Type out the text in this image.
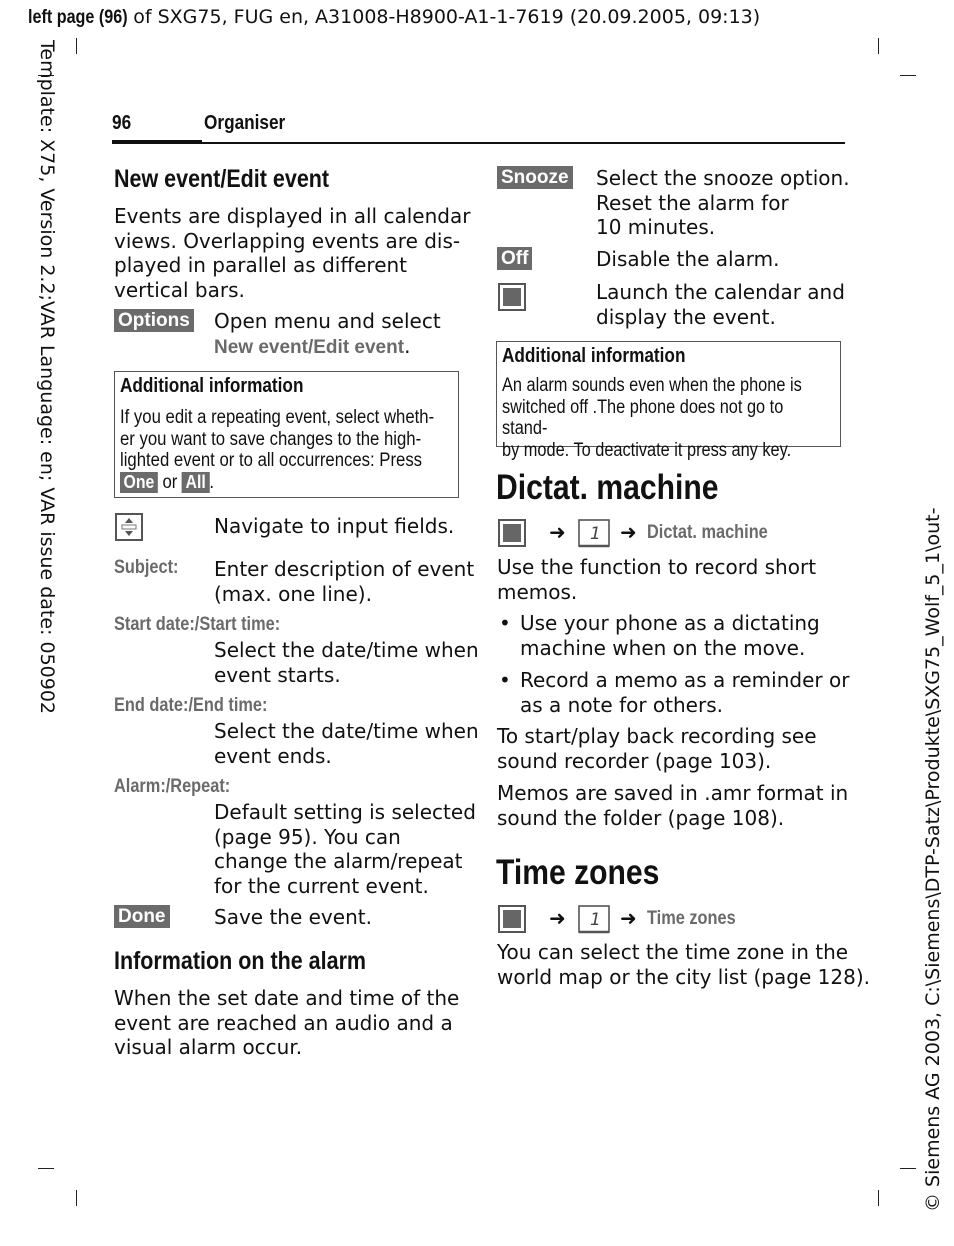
left page (96) of SXG75, FUG en, A31008-H8900-A1-1-7619 (20.09.2005, 09:13)
Template: X75, Version 2.2;VAR Language: en; VAR issue date: 050902
© Siemens AG 2003, C:\Siemens\DTP-Satz\Produkte\SXG75_Wolf_5_1\out-
96	Organiser
New event/Edit event
Events are displayed in all calendar
views. Overlapping events are dis-
played in parallel as different
vertical bars.
Options Open menu and select
New event/Edit event.
Additional information
If you edit a repeating event, select wheth-
er you want to save changes to the high-
lighted event or to all occurrences: Press
One or All .
Navigate to input fields.
Subject: Enter description of event
(max. one line).
Start date:/Start time:
Select the date/time when
event starts.
End date:/End time:
Select the date/time when
event ends.
Alarm:/Repeat:
Default setting is selected
(page 95). You can
change the alarm/repeat
for the current event.
Done Save the event.
Information on the alarm
When the set date and time of the
event are reached an audio and a
visual alarm occur.
Snooze Select the snooze option.
Reset the alarm for
10 minutes.
Off	Disable the alarm.
Launch the calendar and
display the event.
Additional information
An alarm sounds even when the phone is
switched off .The phone does not go to stand-
by mode. To deactivate it press any key.
Dictat. machine
➜ 1 ➜ Dictat. machine
Use the function to record short
memos.
• Use your phone as a dictating
machine when on the move.
• Record a memo as a reminder or
as a note for others.
To start/play back recording see
sound recorder (page 103).
Memos are saved in .amr format in
sound the folder (page 108).
Time zones
➜ 1 ➜ Time zones
You can select the time zone in the
world map or the city list (page 128).
